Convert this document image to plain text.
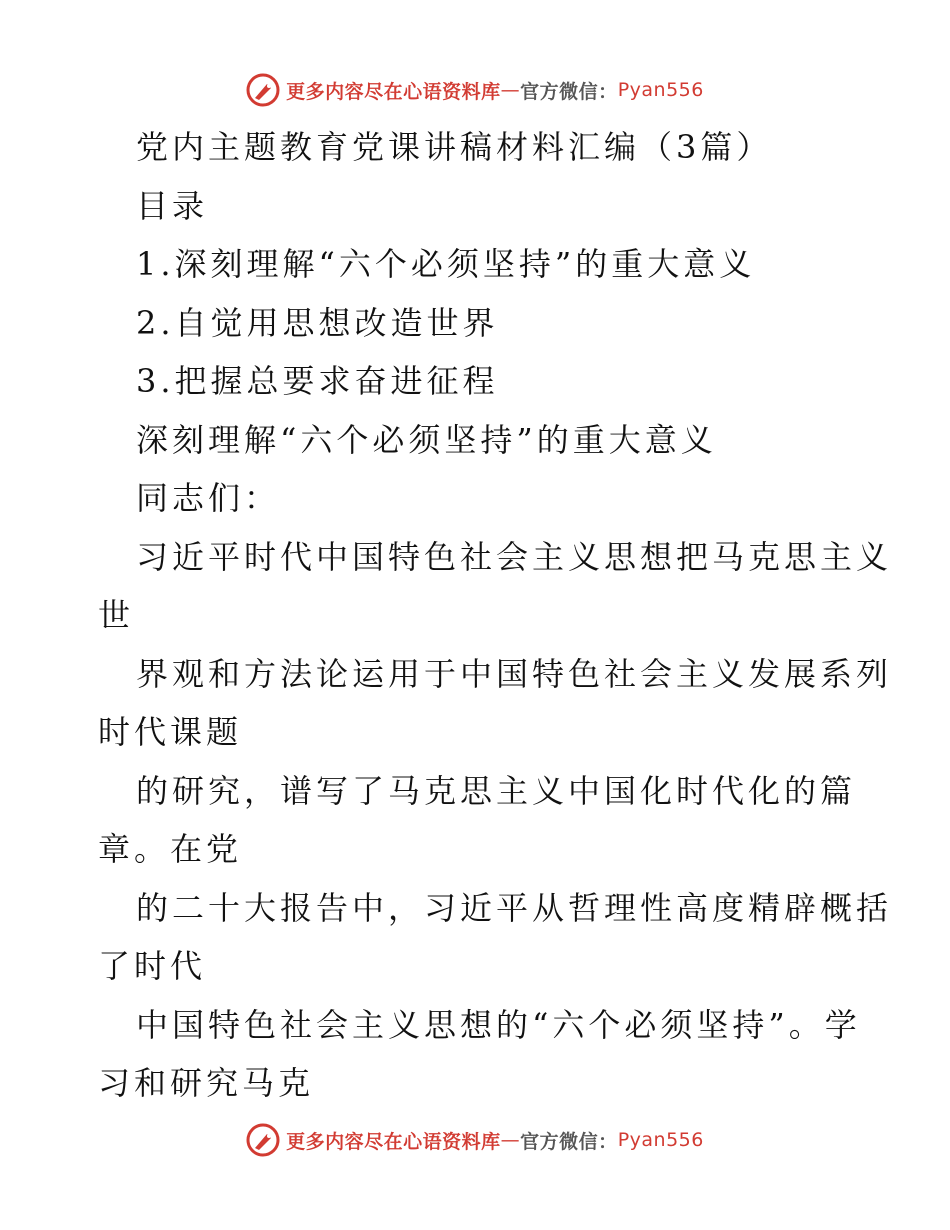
更多内容尽在心语资料库 — 官方微信： Pyan556
党内主题教育党课讲稿材料汇编（3篇）
目录
1.深刻理解“六个必须坚持”的重大意义
2.自觉用思想改造世界
3.把握总要求奋进征程
深刻理解“六个必须坚持”的重大意义
同志们：
习近平时代中国特色社会主义思想把马克思主义
世
界观和方法论运用于中国特色社会主义发展系列
时代课题
的研究，谱写了马克思主义中国化时代化的篇
章。在党
的二十大报告中，习近平从哲理性高度精辟概括
了时代
中国特色社会主义思想的“六个必须坚持”。学
习和研究马克
更多内容尽在心语资料库 — 官方微信： Pyan556
